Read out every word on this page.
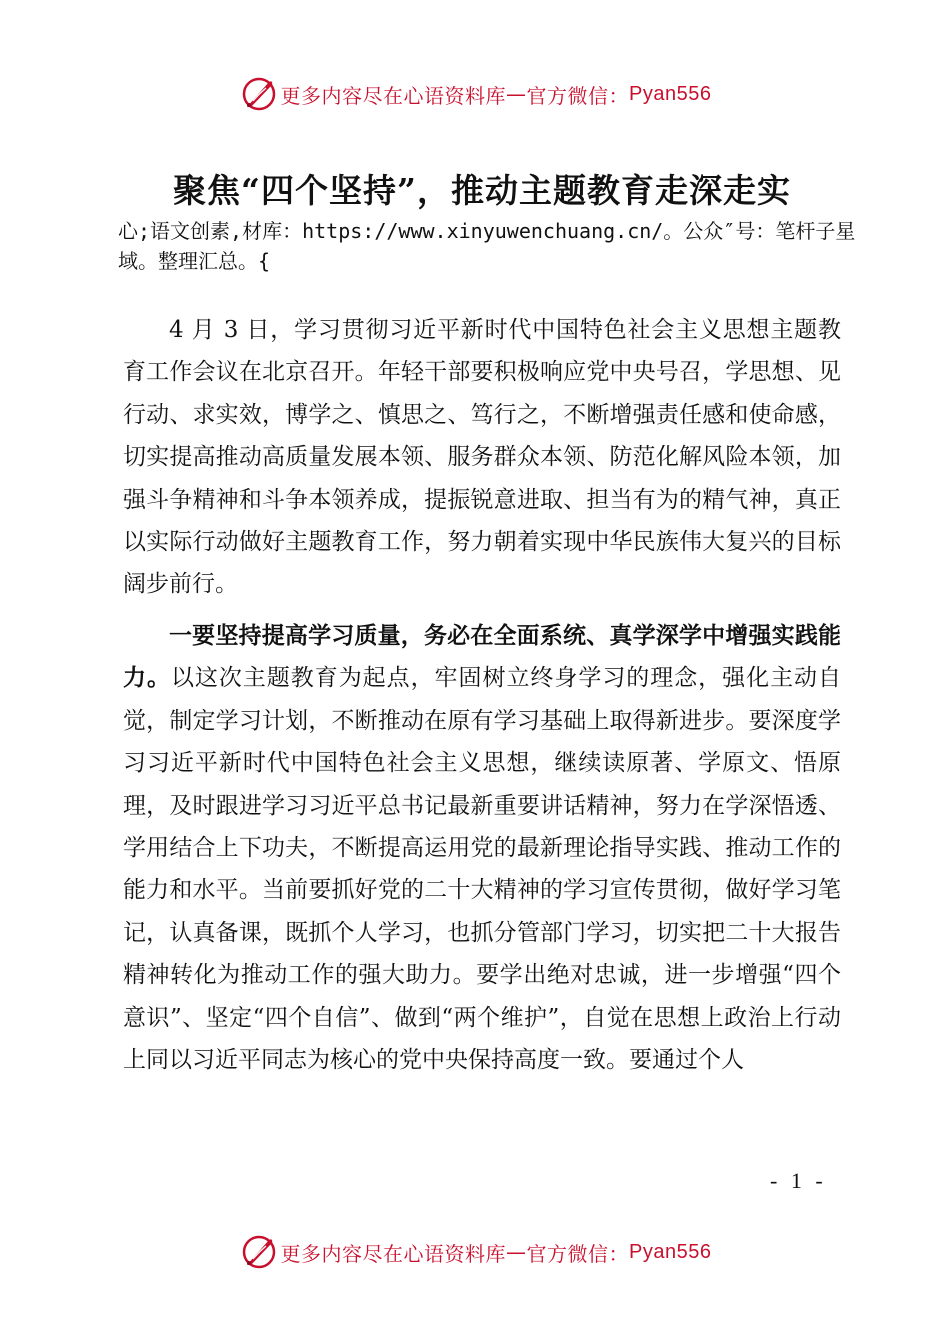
更多内容尽在心语资料库 — 官方微信： Pyan556
聚焦“四个坚持”，推动主题教育走深走实
心;语文创素,材库：https://www.xinyuwenchuang.cn/。公众″号：笔杆子星域。整理汇总。{

4 月 3 日，学习贯彻习近平新时代中国特色社会主义思想主题教育工作会议在北京召开。年轻干部要积极响应党中央号召，学思想、见行动、求实效，博学之、慎思之、笃行之，不断增强责任感和使命感，切实提高推动高质量发展本领、服务群众本领、防范化解风险本领，加强斗争精神和斗争本领养成，提振锐意进取、担当有为的精气神，真正以实际行动做好主题教育工作，努力朝着实现中华民族伟大复兴的目标阔步前行。

一要坚持提高学习质量，务必在全面系统、真学深学中增强实践能力。以这次主题教育为起点，牢固树立终身学习的理念，强化主动自觉，制定学习计划，不断推动在原有学习基础上取得新进步。要深度学习习近平新时代中国特色社会主义思想，继续读原著、学原文、悟原理，及时跟进学习习近平总书记最新重要讲话精神，努力在学深悟透、学用结合上下功夫，不断提高运用党的最新理论指导实践、推动工作的能力和水平。当前要抓好党的二十大精神的学习宣传贯彻，做好学习笔记，认真备课，既抓个人学习，也抓分管部门学习，切实把二十大报告精神转化为推动工作的强大助力。要学出绝对忠诚，进一步增强“四个意识”、坚定“四个自信”、做到“两个维护”，自觉在思想上政治上行动上同以习近平同志为核心的党中央保持高度一致。要通过个人

- 1 -
更多内容尽在心语资料库 — 官方微信： Pyan556
